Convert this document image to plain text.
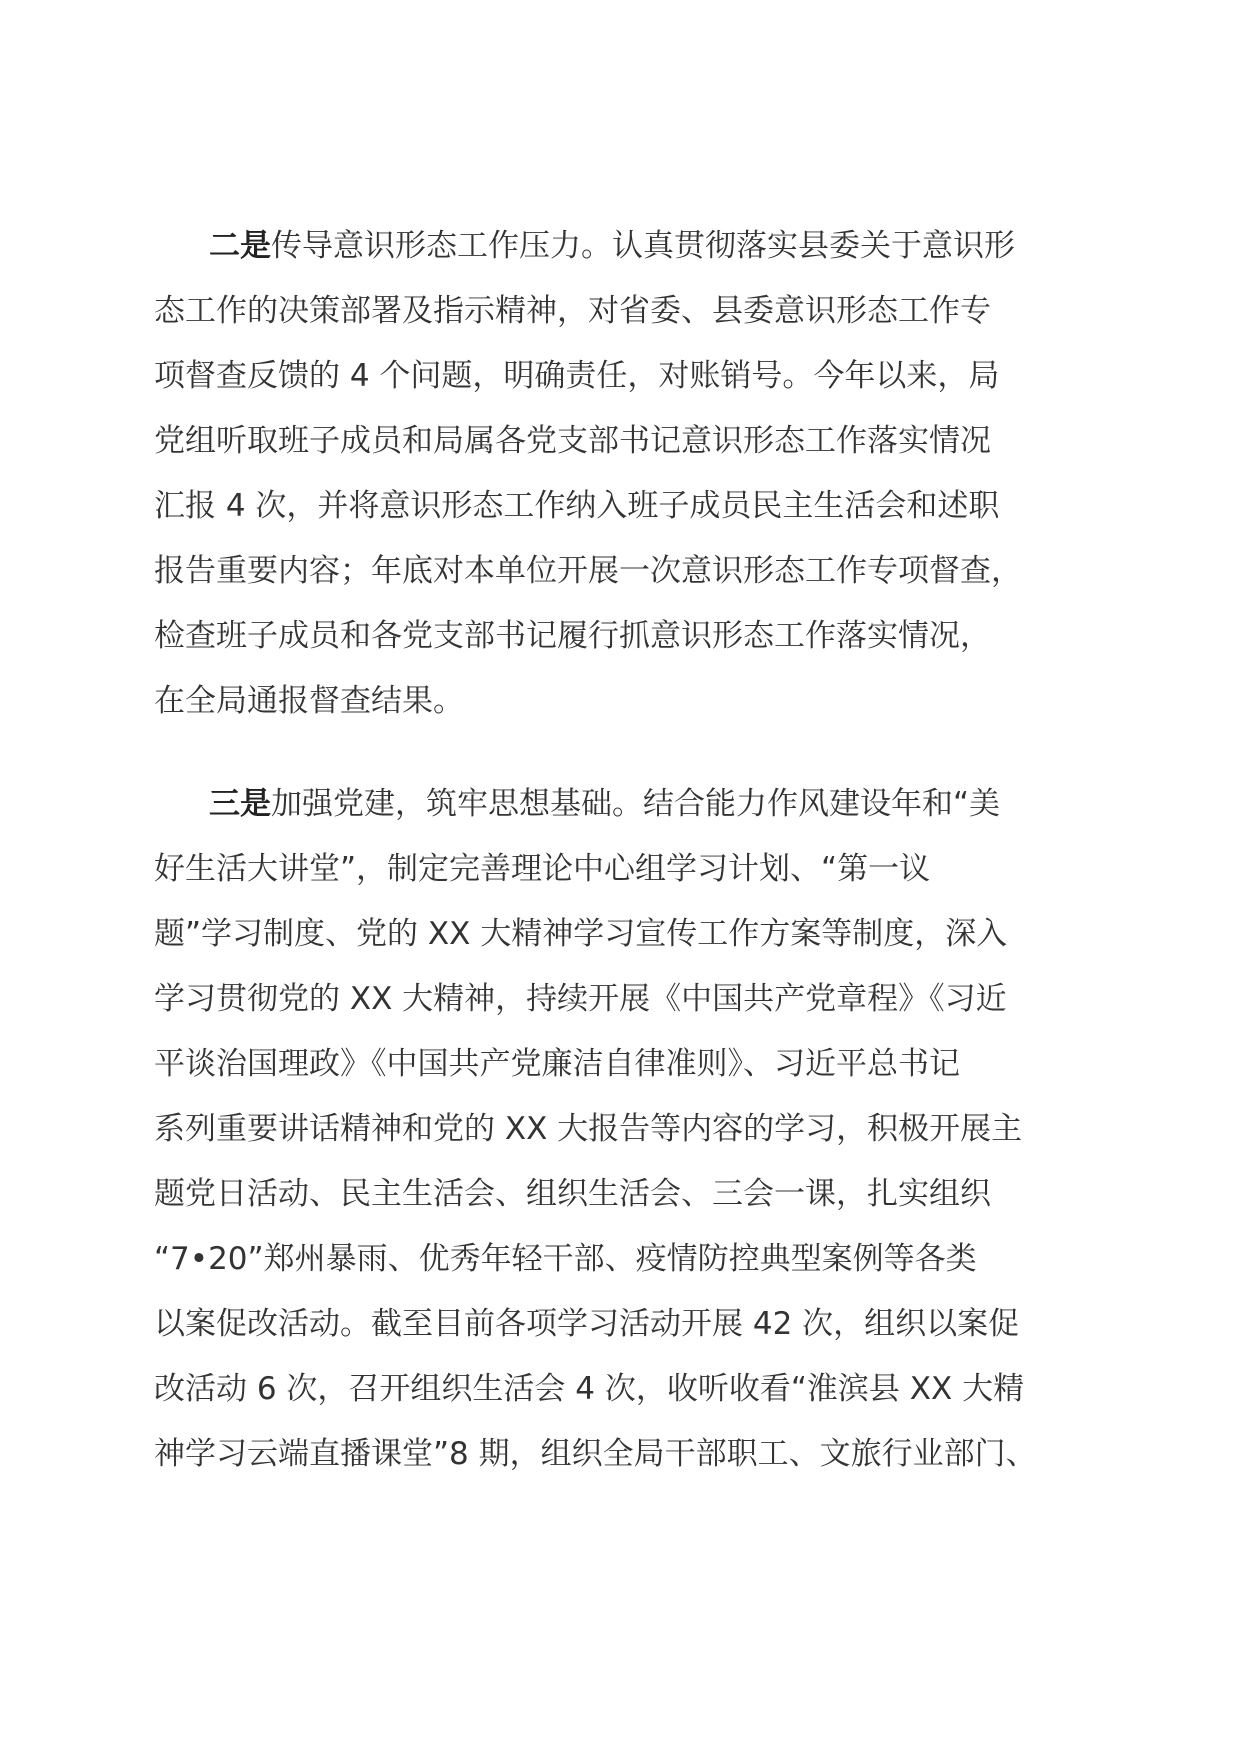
二是传导意识形态工作压力。认真贯彻落实县委关于意识形
态工作的决策部署及指示精神，对省委、县委意识形态工作专
项督查反馈的 4 个问题，明确责任，对账销号。今年以来，局
党组听取班子成员和局属各党支部书记意识形态工作落实情况
汇报 4 次，并将意识形态工作纳入班子成员民主生活会和述职
报告重要内容；年底对本单位开展一次意识形态工作专项督查，
检查班子成员和各党支部书记履行抓意识形态工作落实情况，
在全局通报督查结果。
三是加强党建，筑牢思想基础。结合能力作风建设年和“美
好生活大讲堂”，制定完善理论中心组学习计划、“第一议
题”学习制度、党的 XX 大精神学习宣传工作方案等制度，深入
学习贯彻党的 XX 大精神，持续开展《中国共产党章程》《习近
平谈治国理政》《中国共产党廉洁自律准则》、习近平总书记
系列重要讲话精神和党的 XX 大报告等内容的学习，积极开展主
题党日活动、民主生活会、组织生活会、三会一课，扎实组织
“7•20”郑州暴雨、优秀年轻干部、疫情防控典型案例等各类
以案促改活动。截至目前各项学习活动开展 42 次，组织以案促
改活动 6 次，召开组织生活会 4 次，收听收看“淮滨县 XX 大精
神学习云端直播课堂”8 期，组织全局干部职工、文旅行业部门、
